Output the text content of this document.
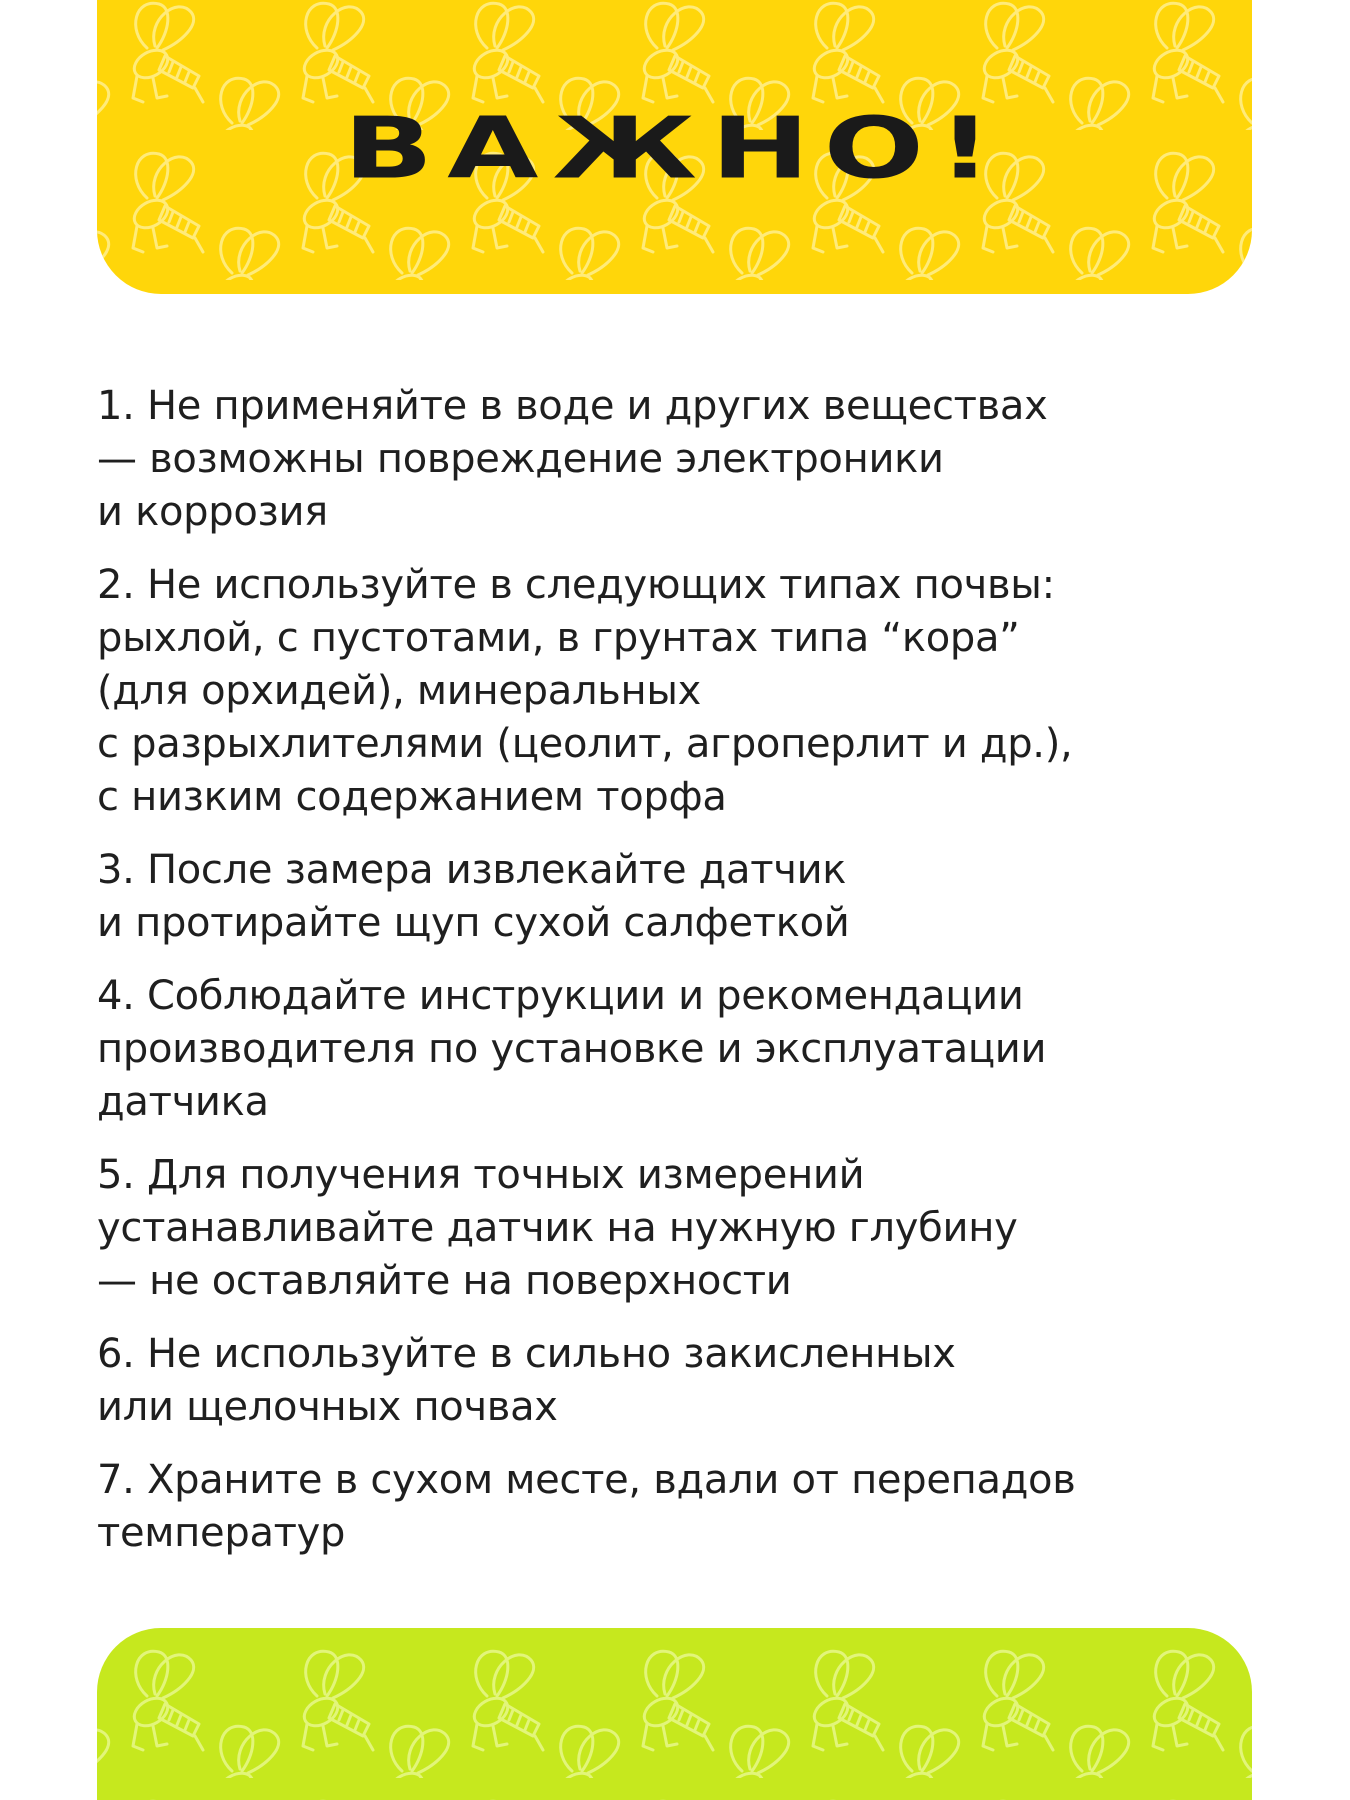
ВАЖНО!
1. Не применяйте в воде и других веществах
— возможны повреждение электроники
и коррозия
2. Не используйте в следующих типах почвы:
рыхлой, с пустотами, в грунтах типа “кора”
(для орхидей), минеральных
с разрыхлителями (цеолит, агроперлит и др.),
с низким содержанием торфа
3. После замера извлекайте датчик
и протирайте щуп сухой салфеткой
4. Соблюдайте инструкции и рекомендации
производителя по установке и эксплуатации
датчика
5. Для получения точных измерений
устанавливайте датчик на нужную глубину
— не оставляйте на поверхности
6. Не используйте в сильно закисленных
или щелочных почвах
7. Храните в сухом месте, вдали от перепадов
температур
